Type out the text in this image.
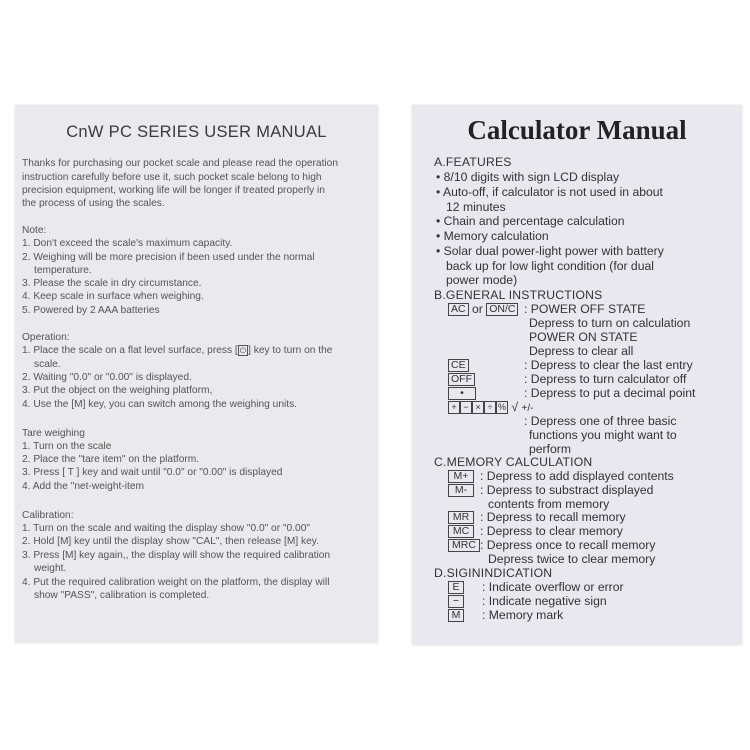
CnW PC SERIES USER MANUAL
Thanks for purchasing our pocket scale and please read the operation
instruction carefully before use it, such pocket scale belong to high
precision equipment, working life will be longer if treated properly in
the process of using the scales.
Note:
1. Don't exceed the scale's maximum capacity.
2. Weighing will be more precision if been used under the normal
temperature.
3. Please the scale in dry circumstance.
4. Keep scale in surface when weighing.
5. Powered by 2 AAA batteries
Operation:
1. Place the scale on a flat level surface, press [ ⏻ ] key to turn on the
scale.
2. Waiting "0.0" or "0.00" is displayed.
3. Put the object on the weighing platform,
4. Use the [M] key, you can switch among the weighing units.
Tare weighing
1. Turn on the scale
2. Place the "tare item" on the platform.
3. Press [ T ] key and wait until "0.0" or "0.00" is displayed
4. Add the "net-weight-item
Calibration:
1. Turn on the scale and waiting the display show "0.0" or "0.00"
2. Hold [M] key until the display show "CAL", then release [M] key.
3. Press [M] key again,, the display will show the required calibration
weight.
4. Put the required calibration weight on the platform, the display will
show "PASS", calibration is completed.
Calculator Manual
A.FEATURES
• 8/10 digits with sign LCD display
• Auto-off, if calculator is not used in about
12 minutes
• Chain and percentage calculation
• Memory calculation
• Solar dual power-light power with battery
back up for low light condition (for dual
power mode)
B.GENERAL INSTRUCTIONS
AC or ON/C : POWER OFF STATE
Depress to turn on calculation
POWER ON STATE
Depress to clear all
CE	: Depress to clear the last entry
OFF	: Depress to turn calculator off
•	: Depress to put a decimal point
+ − × ÷ % √ +/-
: Depress one of three basic
functions you might want to
perform
C.MEMORY CALCULATION
M+ : Depress to add displayed contents
M-	: Depress to substract displayed
contents from memory
MR : Depress to recall memory
MC : Depress to clear memory
MRC : Depress once to recall memory
Depress twice to clear memory
D.SIGININDICATION
E	: Indicate overflow or error
−	: Indicate negative sign
M : Memory mark
